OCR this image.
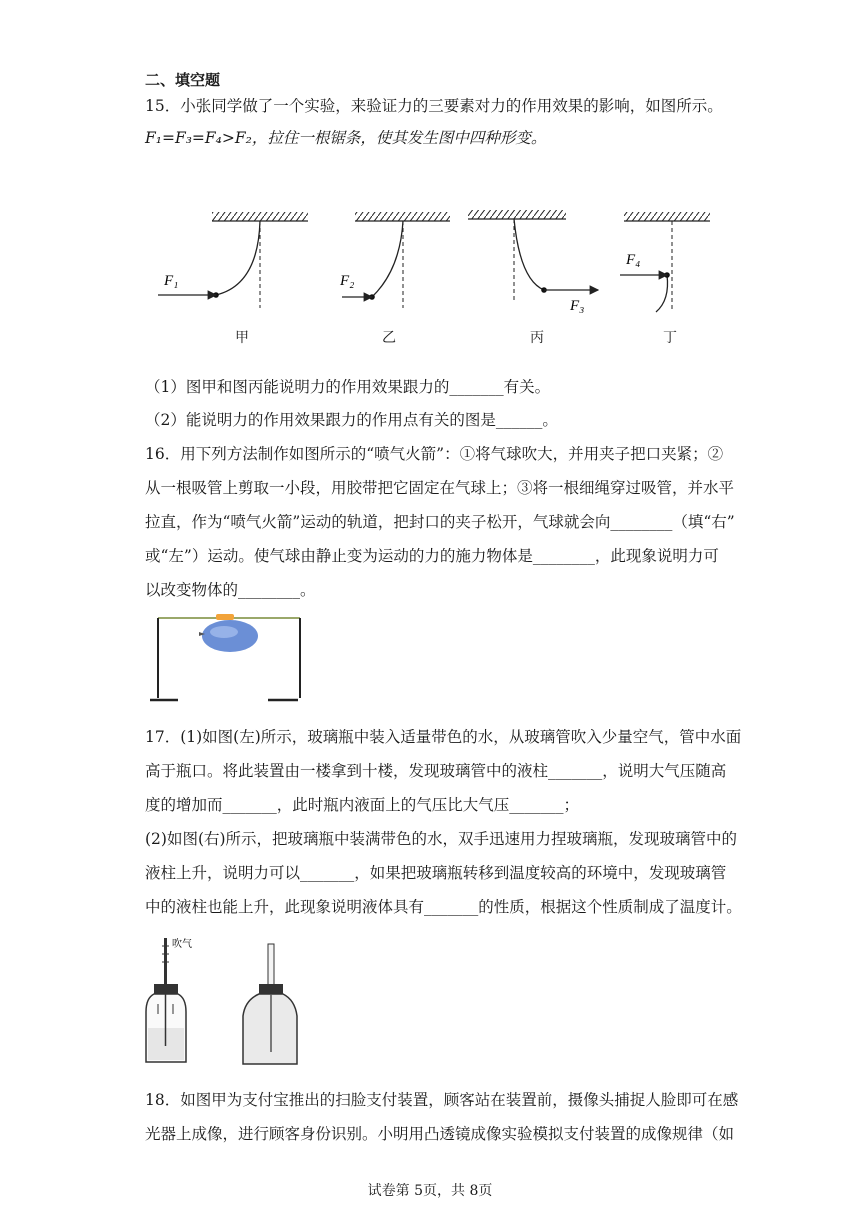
二、填空题
15．小张同学做了一个实验，来验证力的三要素对力的作用效果的影响，如图所示。
F₁=F₃=F₄>F₂，拉住一根锯条，使其发生图中四种形变。
F₁	F₂
F₃
F₄
甲	乙	丙	丁
（1）图甲和图丙能说明力的作用效果跟力的_______有关。
（2）能说明力的作用效果跟力的作用点有关的图是______。
16．用下列方法制作如图所示的“喷气火箭”：①将气球吹大，并用夹子把口夹紧；②
从一根吸管上剪取一小段，用胶带把它固定在气球上；③将一根细绳穿过吸管，并水平
拉直，作为“喷气火箭”运动的轨道，把封口的夹子松开，气球就会向________（填“右”
或“左”）运动。使气球由静止变为运动的力的施力物体是________，此现象说明力可
以改变物体的________。
17．(1)如图(左)所示，玻璃瓶中装入适量带色的水，从玻璃管吹入少量空气，管中水面
高于瓶口。将此装置由一楼拿到十楼，发现玻璃管中的液柱_______，说明大气压随高
度的增加而_______，此时瓶内液面上的气压比大气压_______；
(2)如图(右)所示，把玻璃瓶中装满带色的水，双手迅速用力捏玻璃瓶，发现玻璃管中的
液柱上升，说明力可以_______，如果把玻璃瓶转移到温度较高的环境中，发现玻璃管
中的液柱也能上升，此现象说明液体具有_______的性质，根据这个性质制成了温度计。
吹气
18．如图甲为支付宝推出的扫脸支付装置，顾客站在装置前，摄像头捕捉人脸即可在感
光器上成像，进行顾客身份识别。小明用凸透镜成像实验模拟支付装置的成像规律（如
试卷第 5页，共 8页
